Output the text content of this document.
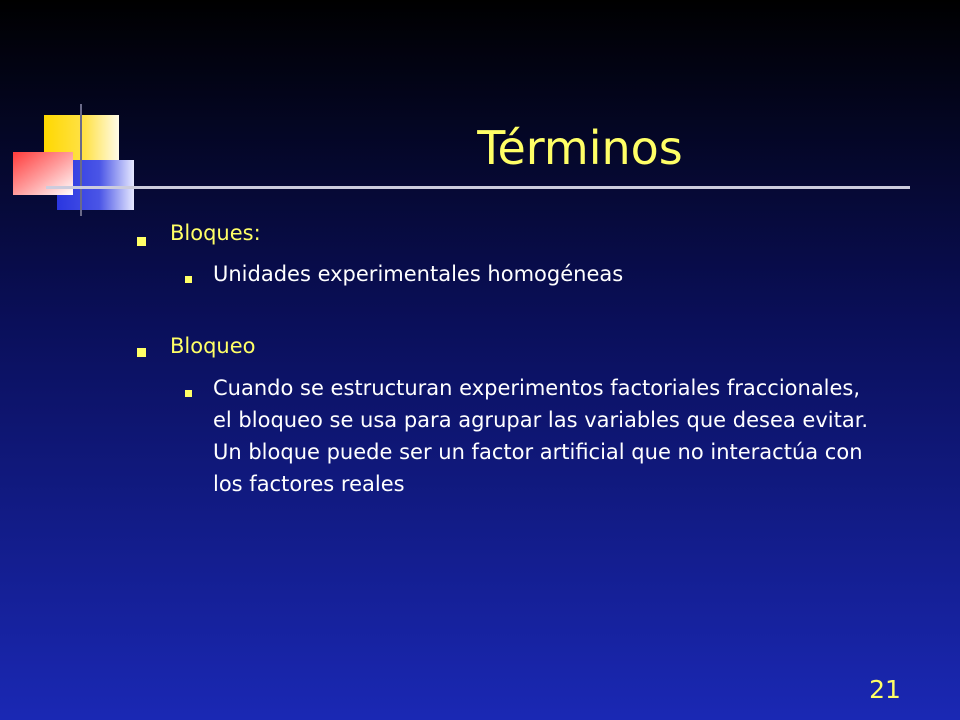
Términos
Bloques:
Unidades experimentales homogéneas
Bloqueo
Cuando se estructuran experimentos factoriales fraccionales, el bloqueo se usa para agrupar las variables que desea evitar. Un bloque puede ser un factor artificial que no interactúa con los factores reales
21
